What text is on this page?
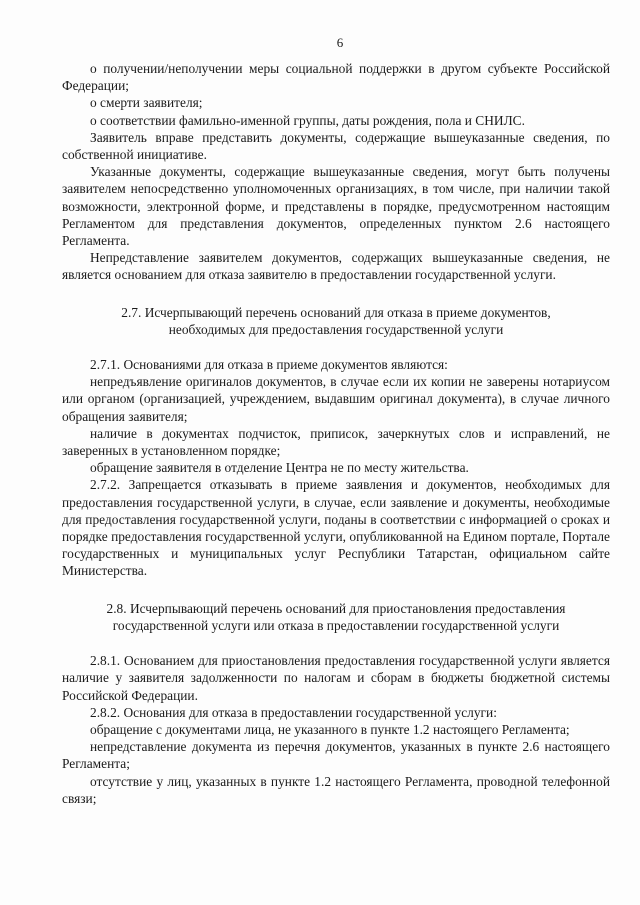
6

о получении/неполучении меры социальной поддержки в другом субъекте Российской Федерации;

о смерти заявителя;

о соответствии фамильно-именной группы, даты рождения, пола и СНИЛС.

Заявитель вправе представить документы, содержащие вышеуказанные сведения, по собственной инициативе.

Указанные документы, содержащие вышеуказанные сведения, могут быть получены заявителем непосредственно уполномоченных организациях, в том числе, при наличии такой возможности, электронной форме, и представлены в порядке, предусмотренном настоящим Регламентом для представления документов, определенных пунктом 2.6 настоящего Регламента.

Непредставление заявителем документов, содержащих вышеуказанные сведения, не является основанием для отказа заявителю в предоставлении государственной услуги.

2.7. Исчерпывающий перечень оснований для отказа в приеме документов,

необходимых для предоставления государственной услуги

2.7.1. Основаниями для отказа в приеме документов являются:

непредъявление оригиналов документов, в случае если их копии не заверены нотариусом или органом (организацией, учреждением, выдавшим оригинал документа), в случае личного обращения заявителя;

наличие в документах подчисток, приписок, зачеркнутых слов и исправлений, не заверенных в установленном порядке;

обращение заявителя в отделение Центра не по месту жительства.

2.7.2. Запрещается отказывать в приеме заявления и документов, необходимых для предоставления государственной услуги, в случае, если заявление и документы, необходимые для предоставления государственной услуги, поданы в соответствии с информацией о сроках и порядке предоставления государственной услуги, опубликованной на Едином портале, Портале государственных и муниципальных услуг Республики Татарстан, официальном сайте Министерства.

2.8. Исчерпывающий перечень оснований для приостановления предоставления

государственной услуги или отказа в предоставлении государственной услуги

2.8.1. Основанием для приостановления предоставления государственной услуги является наличие у заявителя задолженности по налогам и сборам в бюджеты бюджетной системы Российской Федерации.

2.8.2. Основания для отказа в предоставлении государственной услуги:

обращение с документами лица, не указанного в пункте 1.2 настоящего Регламента;

непредставление документа из перечня документов, указанных в пункте 2.6 настоящего Регламента;

отсутствие у лиц, указанных в пункте 1.2 настоящего Регламента, проводной телефонной связи;
